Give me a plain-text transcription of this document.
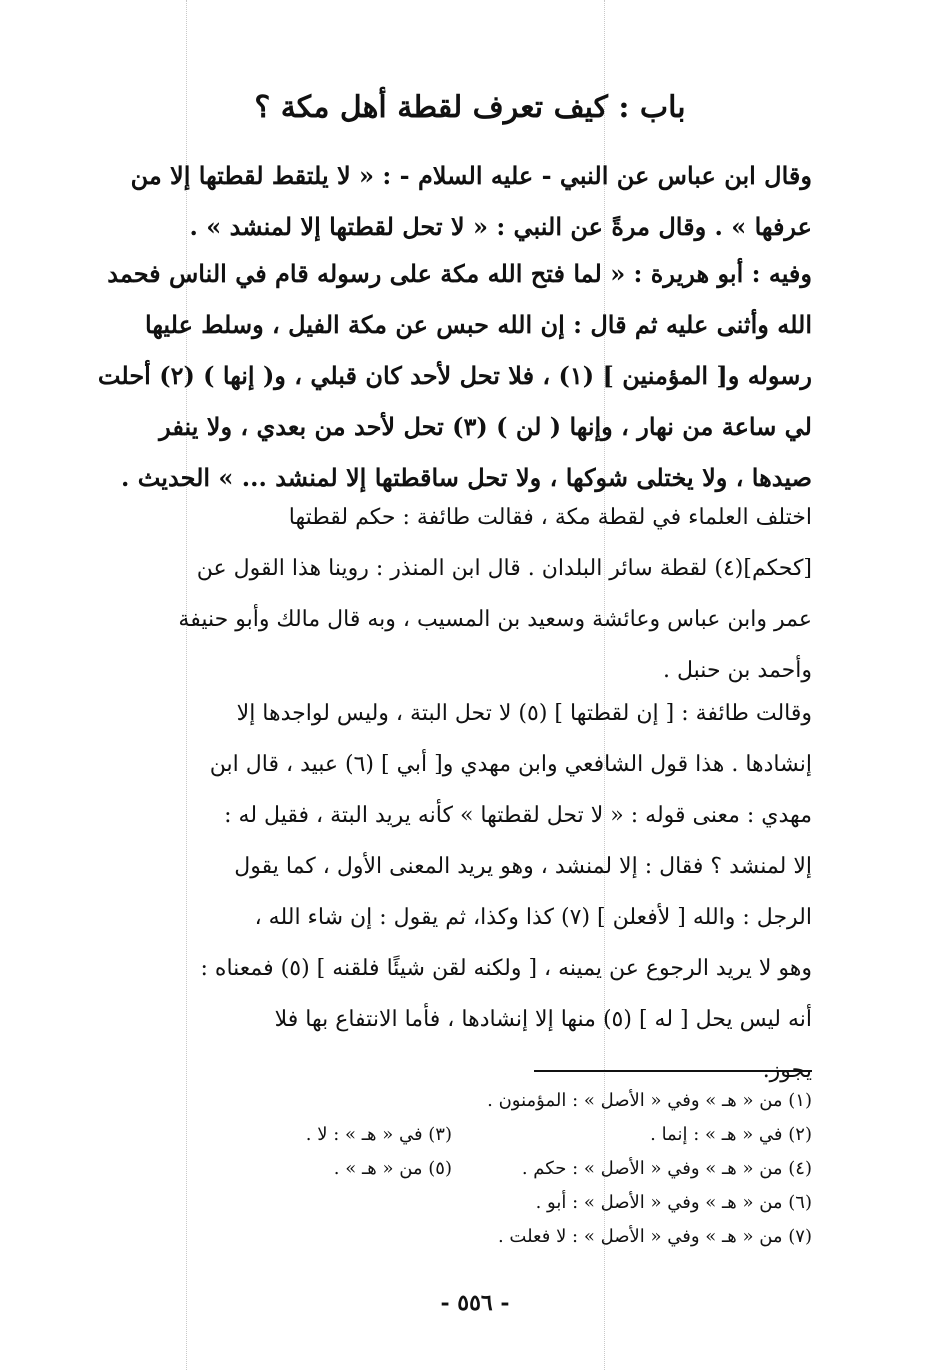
باب : كيف تعرف لقطة أهل مكة ؟
وقال ابن عباس عن النبي - عليه السلام - : « لا يلتقط لقطتها إلا من
عرفها » . وقال مرةً عن النبي : « لا تحل لقطتها إلا لمنشد » .
وفيه : أبو هريرة : « لما فتح الله مكة على رسوله قام في الناس فحمد
الله وأثنى عليه ثم قال : إن الله حبس عن مكة الفيل ، وسلط عليها
رسوله و[ المؤمنين ] (١) ، فلا تحل لأحد كان قبلي ، و( إنها ) (٢) أحلت
لي ساعة من نهار ، وإنها ( لن ) (٣) تحل لأحد من بعدي ، ولا ينفر
صيدها ، ولا يختلى شوكها ، ولا تحل ساقطتها إلا لمنشد ... » الحديث .
اختلف العلماء في لقطة مكة ، فقالت طائفة : حكم لقطتها
[كحكم](٤) لقطة سائر البلدان . قال ابن المنذر : روينا هذا القول عن
عمر وابن عباس وعائشة وسعيد بن المسيب ، وبه قال مالك وأبو حنيفة
وأحمد بن حنبل .
وقالت طائفة : [ إن لقطتها ] (٥) لا تحل البتة ، وليس لواجدها إلا
إنشادها . هذا قول الشافعي وابن مهدي و[ أبي ] (٦) عبيد ، قال ابن
مهدي : معنى قوله : « لا تحل لقطتها » كأنه يريد البتة ، فقيل له :
إلا لمنشد ؟ فقال : إلا لمنشد ، وهو يريد المعنى الأول ، كما يقول
الرجل : والله [ لأفعلن ] (٧) كذا وكذا، ثم يقول : إن شاء الله ،
وهو لا يريد الرجوع عن يمينه ، [ ولكنه لقن شيئًا فلقنه ] (٥) فمعناه :
أنه ليس يحل [ له ] (٥) منها إلا إنشادها ، فأما الانتفاع بها فلا
يجوز.
(١) من « هـ » وفي « الأصل » : المؤمنون .
(٢) في « هـ » : إنما .
(٣) في « هـ » : لا .
(٤) من « هـ » وفي « الأصل » : حكم .
(٥) من « هـ » .
(٦) من « هـ » وفي « الأصل » : أبو .
(٧) من « هـ » وفي « الأصل » : لا فعلت .
- ٥٥٦ -
